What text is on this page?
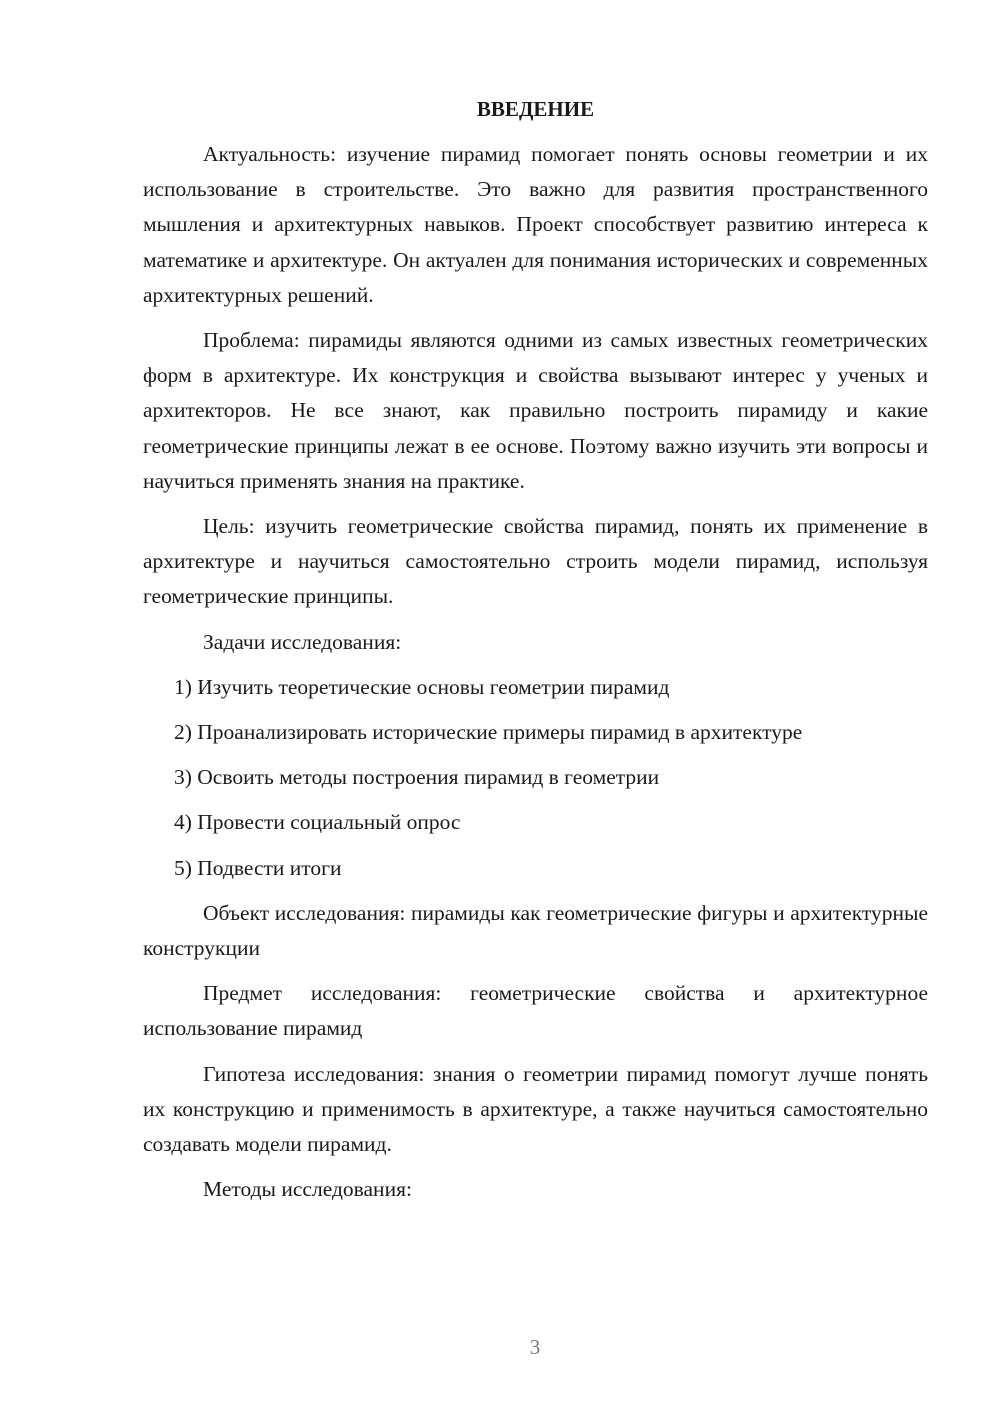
ВВЕДЕНИЕ

Актуальность: изучение пирамид помогает понять основы геометрии и их использование в строительстве. Это важно для развития пространственного мышления и архитектурных навыков. Проект способствует развитию интереса к математике и архитектуре. Он актуален для понимания исторических и современных архитектурных решений.

Проблема: пирамиды являются одними из самых известных геометрических форм в архитектуре. Их конструкция и свойства вызывают интерес у ученых и архитекторов. Не все знают, как правильно построить пирамиду и какие геометрические принципы лежат в ее основе. Поэтому важно изучить эти вопросы и научиться применять знания на практике.

Цель: изучить геометрические свойства пирамид, понять их применение в архитектуре и научиться самостоятельно строить модели пирамид, используя геометрические принципы.

Задачи исследования:

1) Изучить теоретические основы геометрии пирамид

2) Проанализировать исторические примеры пирамид в архитектуре

3) Освоить методы построения пирамид в геометрии

4) Провести социальный опрос

5) Подвести итоги

Объект исследования: пирамиды как геометрические фигуры и архитектурные конструкции

Предмет исследования: геометрические свойства и архитектурное использование пирамид

Гипотеза исследования: знания о геометрии пирамид помогут лучше понять их конструкцию и применимость в архитектуре, а также научиться самостоятельно создавать модели пирамид.

Методы исследования:

3
